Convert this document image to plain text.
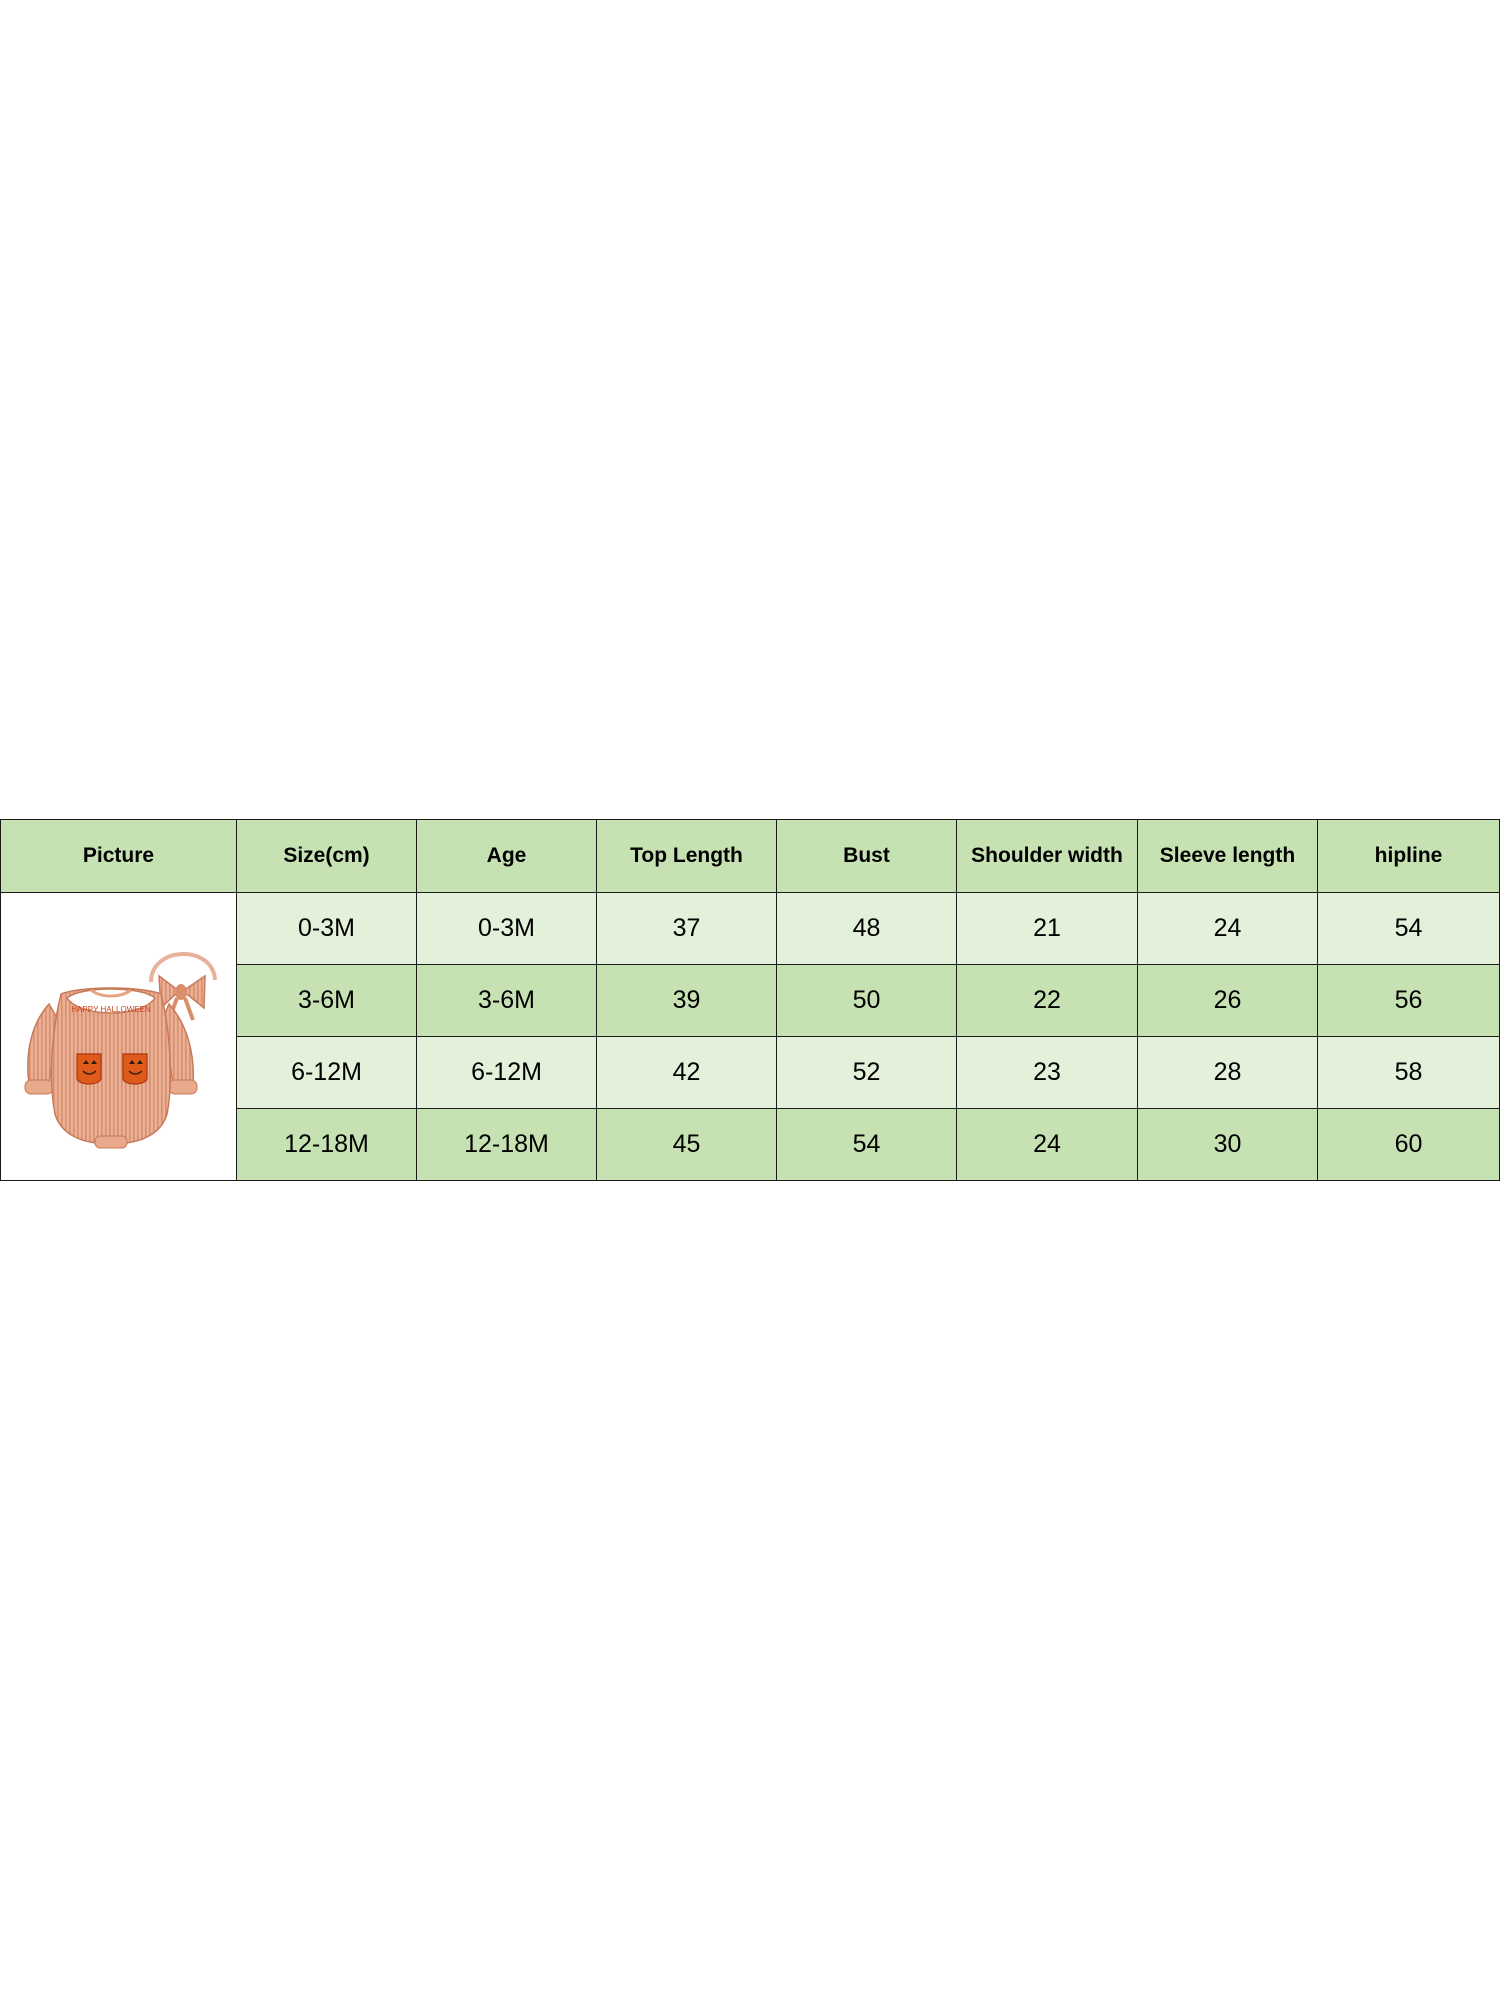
Picture	Size(cm)	Age	Top Length	Bust	Shoulder width	Sleeve length	hipline

HAPPY HALLOWEEN	0-3M	0-3M	37	48	21	24	54
	3-6M	3-6M	39	50	22	26	56
	6-12M	6-12M	42	52	23	28	58
	12-18M	12-18M	45	54	24	30	60
